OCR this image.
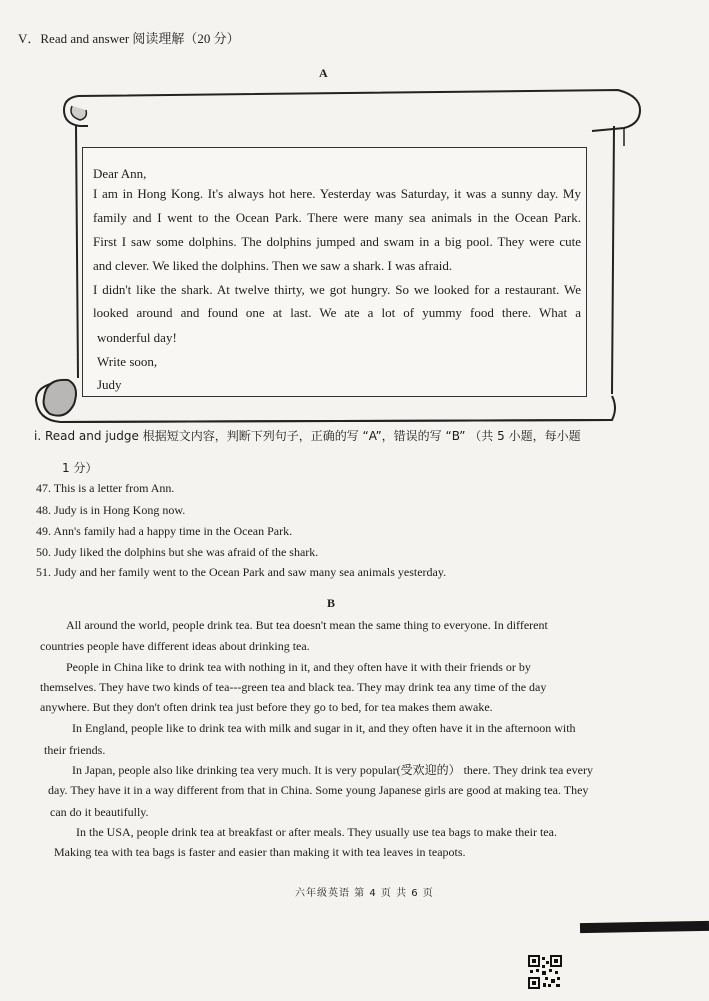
V．Read and answer 阅读理解（20 分）
A
Dear Ann,
I am in Hong Kong. It's always hot here. Yesterday was Saturday, it was a sunny day. My
family and I went to the Ocean Park. There were many sea animals in the Ocean Park.
First I saw some dolphins. The dolphins jumped and swam in a big pool. They were cute
and clever. We liked the dolphins. Then we saw a shark. I was afraid.
I didn't like the shark. At twelve thirty, we got hungry. So we looked for a restaurant. We
looked around and found one at last. We ate a lot of yummy food there. What a
wonderful day!
Write soon,
Judy
ⅰ. Read and judge 根据短文内容，判断下列句子，正确的写 “A”，错误的写 “B” （共 5 小题，每小题
1 分）
47. This is a letter from Ann.
48. Judy is in Hong Kong now.
49. Ann's family had a happy time in the Ocean Park.
50. Judy liked the dolphins but she was afraid of the shark.
51. Judy and her family went to the Ocean Park and saw many sea animals yesterday.
B
All around the world, people drink tea. But tea doesn't mean the same thing to everyone. In different
countries people have different ideas about drinking tea.
People in China like to drink tea with nothing in it, and they often have it with their friends or by
themselves. They have two kinds of tea---green tea and black tea. They may drink tea any time of the day
anywhere. But they don't often drink tea just before they go to bed, for tea makes them awake.
In England, people like to drink tea with milk and sugar in it, and they often have it in the afternoon with
their friends.
In Japan, people also like drinking tea very much. It is very popular(受欢迎的） there. They drink tea every
day. They have it in a way different from that in China. Some young Japanese girls are good at making tea. They
can do it beautifully.
In the USA, people drink tea at breakfast or after meals. They usually use tea bags to make their tea.
Making tea with tea bags is faster and easier than making it with tea leaves in teapots.
六年级英语 第 4 页 共 6 页
